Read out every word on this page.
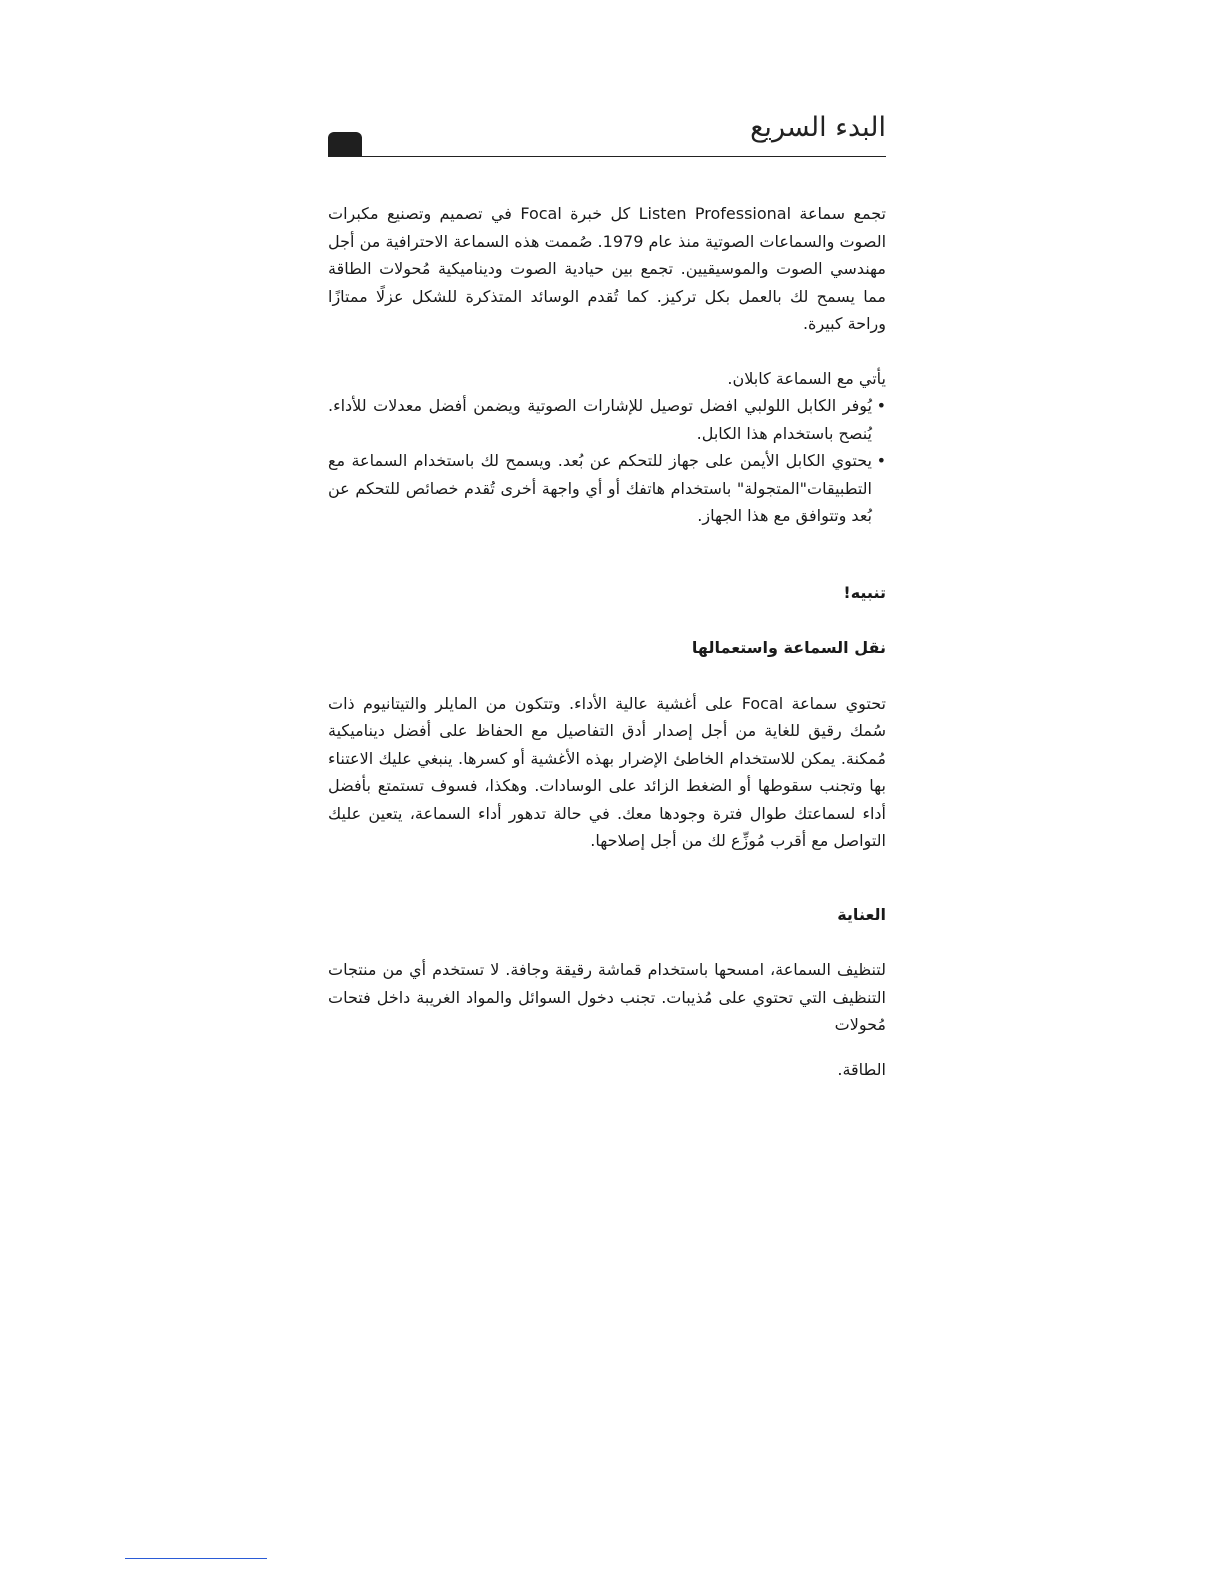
البدء السريع

تجمع سماعة Listen Professional كل خبرة Focal في تصميم وتصنيع مكبرات الصوت والسماعات الصوتية منذ عام 1979. صُممت هذه السماعة الاحترافية من أجل مهندسي الصوت والموسيقيين. تجمع بين حيادية الصوت وديناميكية مُحولات الطاقة مما يسمح لك بالعمل بكل تركيز. كما تُقدم الوسائد المتذكرة للشكل عزلًا ممتازًا وراحة كبيرة.

يأتي مع السماعة كابلان.

•
يُوفر الكابل اللولبي افضل توصيل للإشارات الصوتية ويضمن أفضل معدلات للأداء. يُنصح باستخدام هذا الكابل.
•
يحتوي الكابل الأيمن على جهاز للتحكم عن بُعد. ويسمح لك باستخدام السماعة مع التطبيقات"المتجولة" باستخدام هاتفك أو أي واجهة أخرى تُقدم خصائص للتحكم عن بُعد وتتوافق مع هذا الجهاز.

تنبيه!

نقل السماعة واستعمالها

تحتوي سماعة Focal على أغشية عالية الأداء. وتتكون من المايلر والتيتانيوم ذات سُمك رقيق للغاية من أجل إصدار أدق التفاصيل مع الحفاظ على أفضل ديناميكية مُمكنة. يمكن للاستخدام الخاطئ الإضرار بهذه الأغشية أو كسرها. ينبغي عليك الاعتناء بها وتجنب سقوطها أو الضغط الزائد على الوسادات. وهكذا، فسوف تستمتع بأفضل أداء لسماعتك طوال فترة وجودها معك. في حالة تدهور أداء السماعة، يتعين عليك التواصل مع أقرب مُوزِّع لك من أجل إصلاحها.

العناية

لتنظيف السماعة، امسحها باستخدام قماشة رقيقة وجافة. لا تستخدم أي من منتجات التنظيف التي تحتوي على مُذيبات. تجنب دخول السوائل والمواد الغريبة داخل فتحات مُحولات

الطاقة.
